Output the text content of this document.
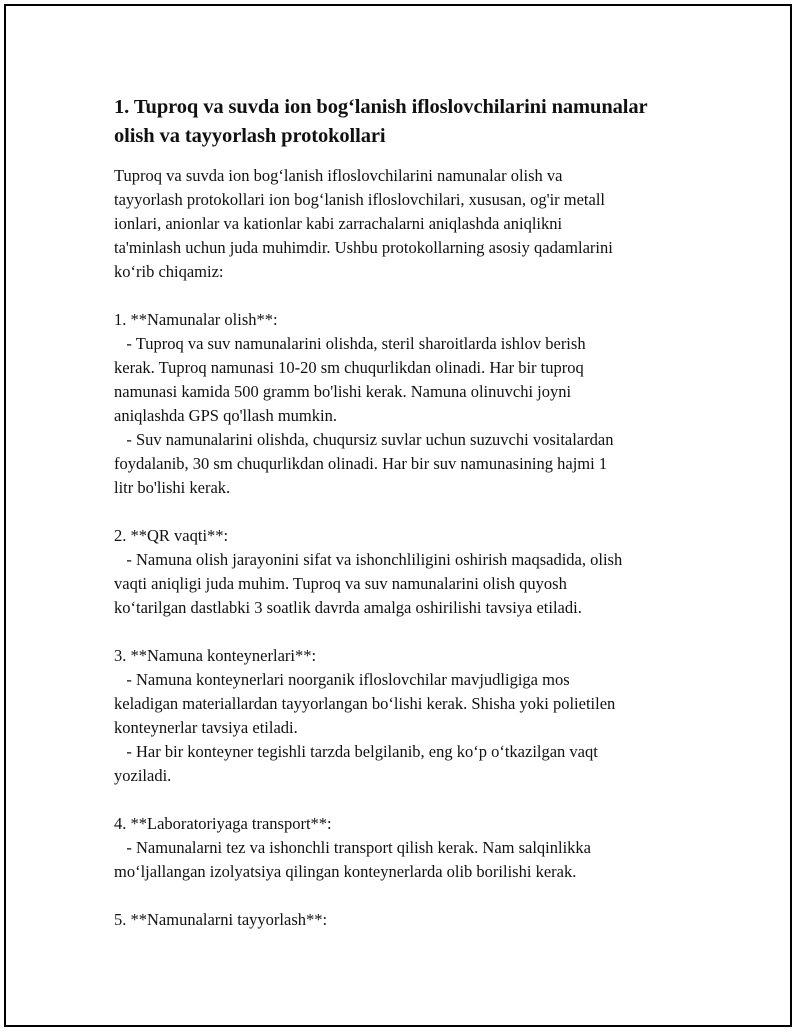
1. Tuproq va suvda ion bog‘lanish ifloslovchilarini namunalar
olish va tayyorlash protokollari
Tuproq va suvda ion bog‘lanish ifloslovchilarini namunalar olish va
tayyorlash protokollari ion bog‘lanish ifloslovchilari, xususan, og'ir metall
ionlari, anionlar va kationlar kabi zarrachalarni aniqlashda aniqlikni
ta'minlash uchun juda muhimdir. Ushbu protokollarning asosiy qadamlarini
ko‘rib chiqamiz:
1. **Namunalar olish**:
- Tuproq va suv namunalarini olishda, steril sharoitlarda ishlov berish
kerak. Tuproq namunasi 10-20 sm chuqurlikdan olinadi. Har bir tuproq
namunasi kamida 500 gramm bo'lishi kerak. Namuna olinuvchi joyni
aniqlashda GPS qo'llash mumkin.
- Suv namunalarini olishda, chuqursiz suvlar uchun suzuvchi vositalardan
foydalanib, 30 sm chuqurlikdan olinadi. Har bir suv namunasining hajmi 1
litr bo'lishi kerak.
2. **QR vaqti**:
- Namuna olish jarayonini sifat va ishonchliligini oshirish maqsadida, olish
vaqti aniqligi juda muhim. Tuproq va suv namunalarini olish quyosh
ko‘tarilgan dastlabki 3 soatlik davrda amalga oshirilishi tavsiya etiladi.
3. **Namuna konteynerlari**:
- Namuna konteynerlari noorganik ifloslovchilar mavjudligiga mos
keladigan materiallardan tayyorlangan bo‘lishi kerak. Shisha yoki polietilen
konteynerlar tavsiya etiladi.
- Har bir konteyner tegishli tarzda belgilanib, eng ko‘p o‘tkazilgan vaqt
yoziladi.
4. **Laboratoriyaga transport**:
- Namunalarni tez va ishonchli transport qilish kerak. Nam salqinlikka
mo‘ljallangan izolyatsiya qilingan konteynerlarda olib borilishi kerak.
5. **Namunalarni tayyorlash**:
